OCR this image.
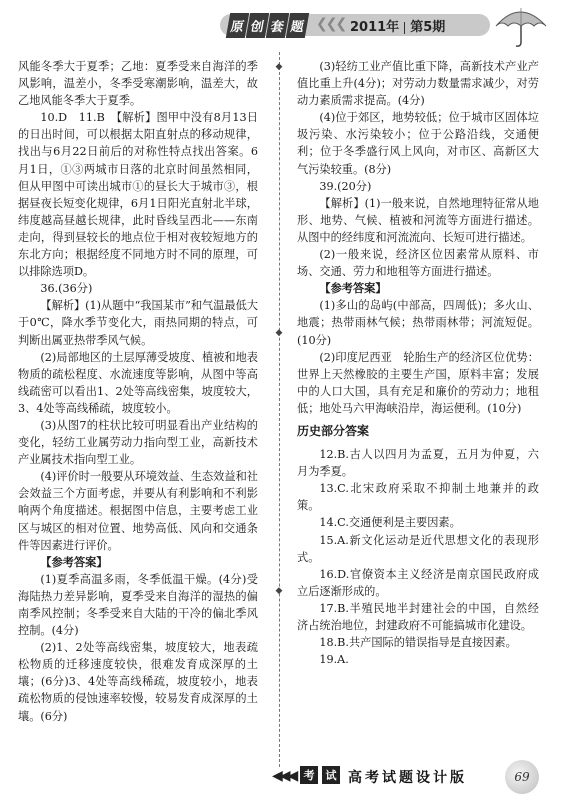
原 创 套 题 ❮❮❮ 2011年 第5期
◆
◆
◆

风能冬季大于夏季；乙地：夏季受来自海洋的季风影响，温差小，冬季受寒潮影响，温差大，故乙地风能冬季大于夏季。

10.D　11.B　【解析】图甲中没有8月13日的日出时间，可以根据太阳直射点的移动规律，找出与6月22日前后的对称性特点找出答案。6月1日，①③两城市日落的北京时间虽然相同，但从甲图中可读出城市①的昼长大于城市③，根据昼夜长短变化规律，6月1日阳光直射北半球，纬度越高昼越长规律，此时昏线呈西北——东南走向，得到昼较长的地点位于相对夜较短地方的东北方向；根据经度不同地方时不同的原理，可以排除选项D。

36.(36分)

【解析】(1)从题中“我国某市”和气温最低大于0℃，降水季节变化大，雨热同期的特点，可判断出属亚热带季风气候。

(2)局部地区的土层厚薄受坡度、植被和地表物质的疏松程度、水流速度等影响，从图中等高线疏密可以看出1、2处等高线密集，坡度较大，3、4处等高线稀疏，坡度较小。

(3)从图7的柱状比较可明显看出产业结构的变化，轻纺工业属劳动力指向型工业，高新技术产业属技术指向型工业。

(4)评价时一般要从环境效益、生态效益和社会效益三个方面考虑，并要从有利影响和不利影响两个角度描述。根据图中信息，主要考虑工业区与城区的相对位置、地势高低、风向和交通条件等因素进行评价。

【参考答案】

(1)夏季高温多雨，冬季低温干燥。(4分)受海陆热力差异影响，夏季受来自海洋的湿热的偏南季风控制；冬季受来自大陆的干冷的偏北季风控制。(4分)

(2)1、2处等高线密集，坡度较大，地表疏松物质的迁移速度较快，很难发育成深厚的土壤；(6分)3、4处等高线稀疏，坡度较小，地表疏松物质的侵蚀速率较慢，较易发育成深厚的土壤。(6分)

(3)轻纺工业产值比重下降，高新技术产业产值比重上升(4分)；对劳动力数量需求减少，对劳动力素质需求提高。(4分)

(4)位于郊区，地势较低；位于城市区固体垃圾污染、水污染较小；位于公路沿线，交通便利；位于冬季盛行风上风向，对市区、高新区大气污染较重。(8分)

39.(20分)

【解析】(1)一般来说，自然地理特征常从地形、地势、气候、植被和河流等方面进行描述。从图中的经纬度和河流流向、长短可进行描述。

(2)一般来说，经济区位因素常从原料、市场、交通、劳力和地租等方面进行描述。

【参考答案】

(1)多山的岛屿(中部高，四周低)；多火山、地震；热带雨林气候；热带雨林带；河流短促。(10分)

(2)印度尼西亚　轮胎生产的经济区位优势：世界上天然橡胶的主要生产国，原料丰富；发展中的人口大国，具有充足和廉价的劳动力；地租低；地处马六甲海峡沿岸，海运便利。(10分)

历史部分答案

12.B.古人以四月为孟夏，五月为仲夏，六月为季夏。

13.C.北宋政府采取不抑制土地兼并的政策。

14.C.交通便利是主要因素。

15.A.新文化运动是近代思想文化的表现形式。

16.D.官僚资本主义经济是南京国民政府成立后逐渐形成的。

17.B.半殖民地半封建社会的中国，自然经济占统治地位，封建政府不可能搞城市化建设。

18.B.共产国际的错误指导是直接因素。

19.A.

◀◀◀ 考	试 高考试题设计版	69
